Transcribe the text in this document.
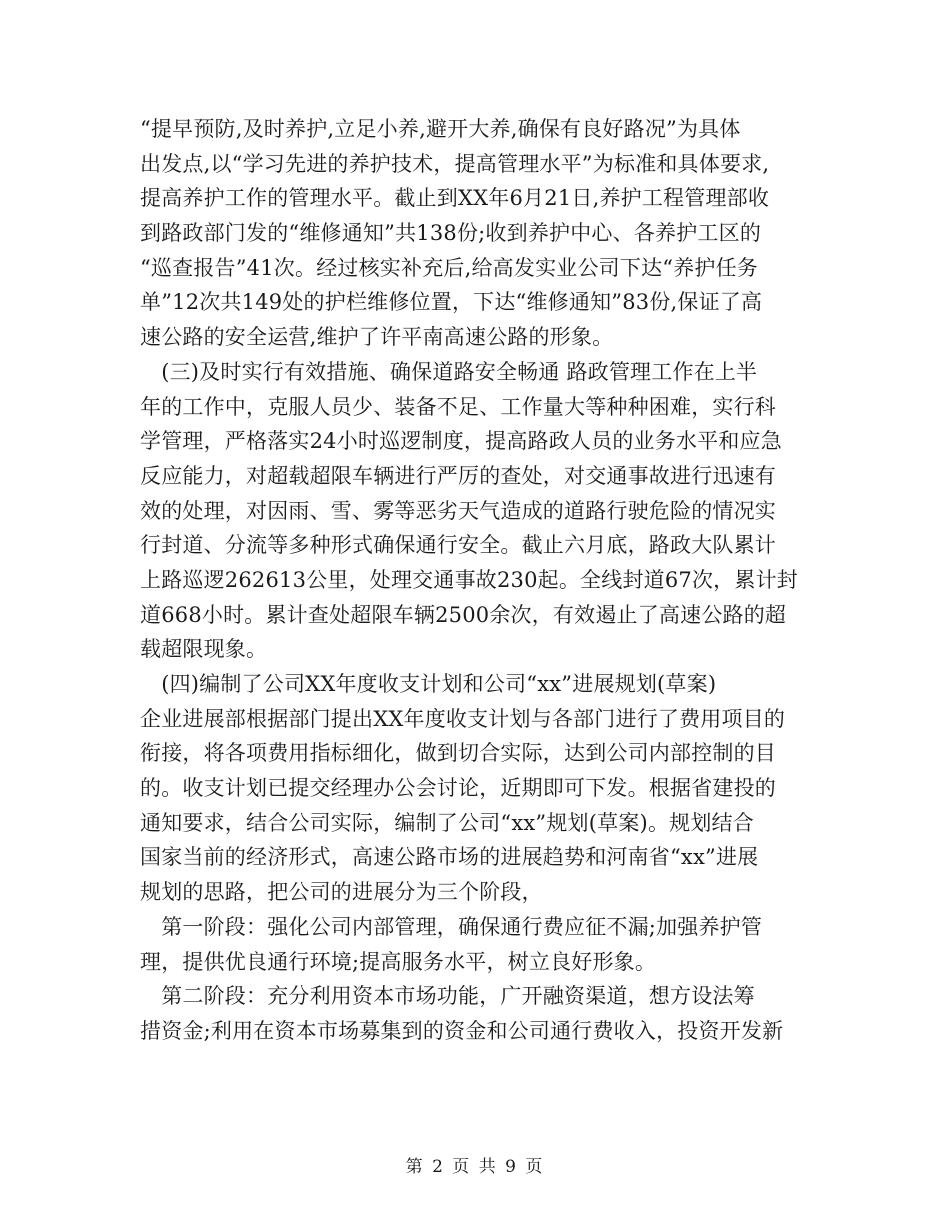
“提早预防,及时养护,立足小养,避开大养,确保有良好路况”为具体
出发点,以“学习先进的养护技术，提高管理水平”为标准和具体要求,
提高养护工作的管理水平。截止到XX年6月21日,养护工程管理部收
到路政部门发的“维修通知”共138份;收到养护中心、各养护工区的
“巡查报告”41次。经过核实补充后,给高发实业公司下达“养护任务
单”12次共149处的护栏维修位置，下达“维修通知”83份,保证了高
速公路的安全运营,维护了许平南高速公路的形象。
　(三)及时实行有效措施、确保道路安全畅通 路政管理工作在上半
年的工作中，克服人员少、装备不足、工作量大等种种困难，实行科
学管理，严格落实24小时巡逻制度，提高路政人员的业务水平和应急
反应能力，对超载超限车辆进行严厉的查处，对交通事故进行迅速有
效的处理，对因雨、雪、雾等恶劣天气造成的道路行驶危险的情况实
行封道、分流等多种形式确保通行安全。截止六月底，路政大队累计
上路巡逻262613公里，处理交通事故230起。全线封道67次，累计封
道668小时。累计查处超限车辆2500余次，有效遏止了高速公路的超
载超限现象。
　(四)编制了公司XX年度收支计划和公司“xx”进展规划(草案)
企业进展部根据部门提出XX年度收支计划与各部门进行了费用项目的
衔接，将各项费用指标细化，做到切合实际，达到公司内部控制的目
的。收支计划已提交经理办公会讨论，近期即可下发。根据省建投的
通知要求，结合公司实际，编制了公司“xx”规划(草案)。规划结合
国家当前的经济形式，高速公路市场的进展趋势和河南省“xx”进展
规划的思路，把公司的进展分为三个阶段，
　第一阶段：强化公司内部管理，确保通行费应征不漏;加强养护管
理，提供优良通行环境;提高服务水平，树立良好形象。
　第二阶段：充分利用资本市场功能，广开融资渠道，想方设法筹
措资金;利用在资本市场募集到的资金和公司通行费收入，投资开发新
第 2 页 共 9 页
